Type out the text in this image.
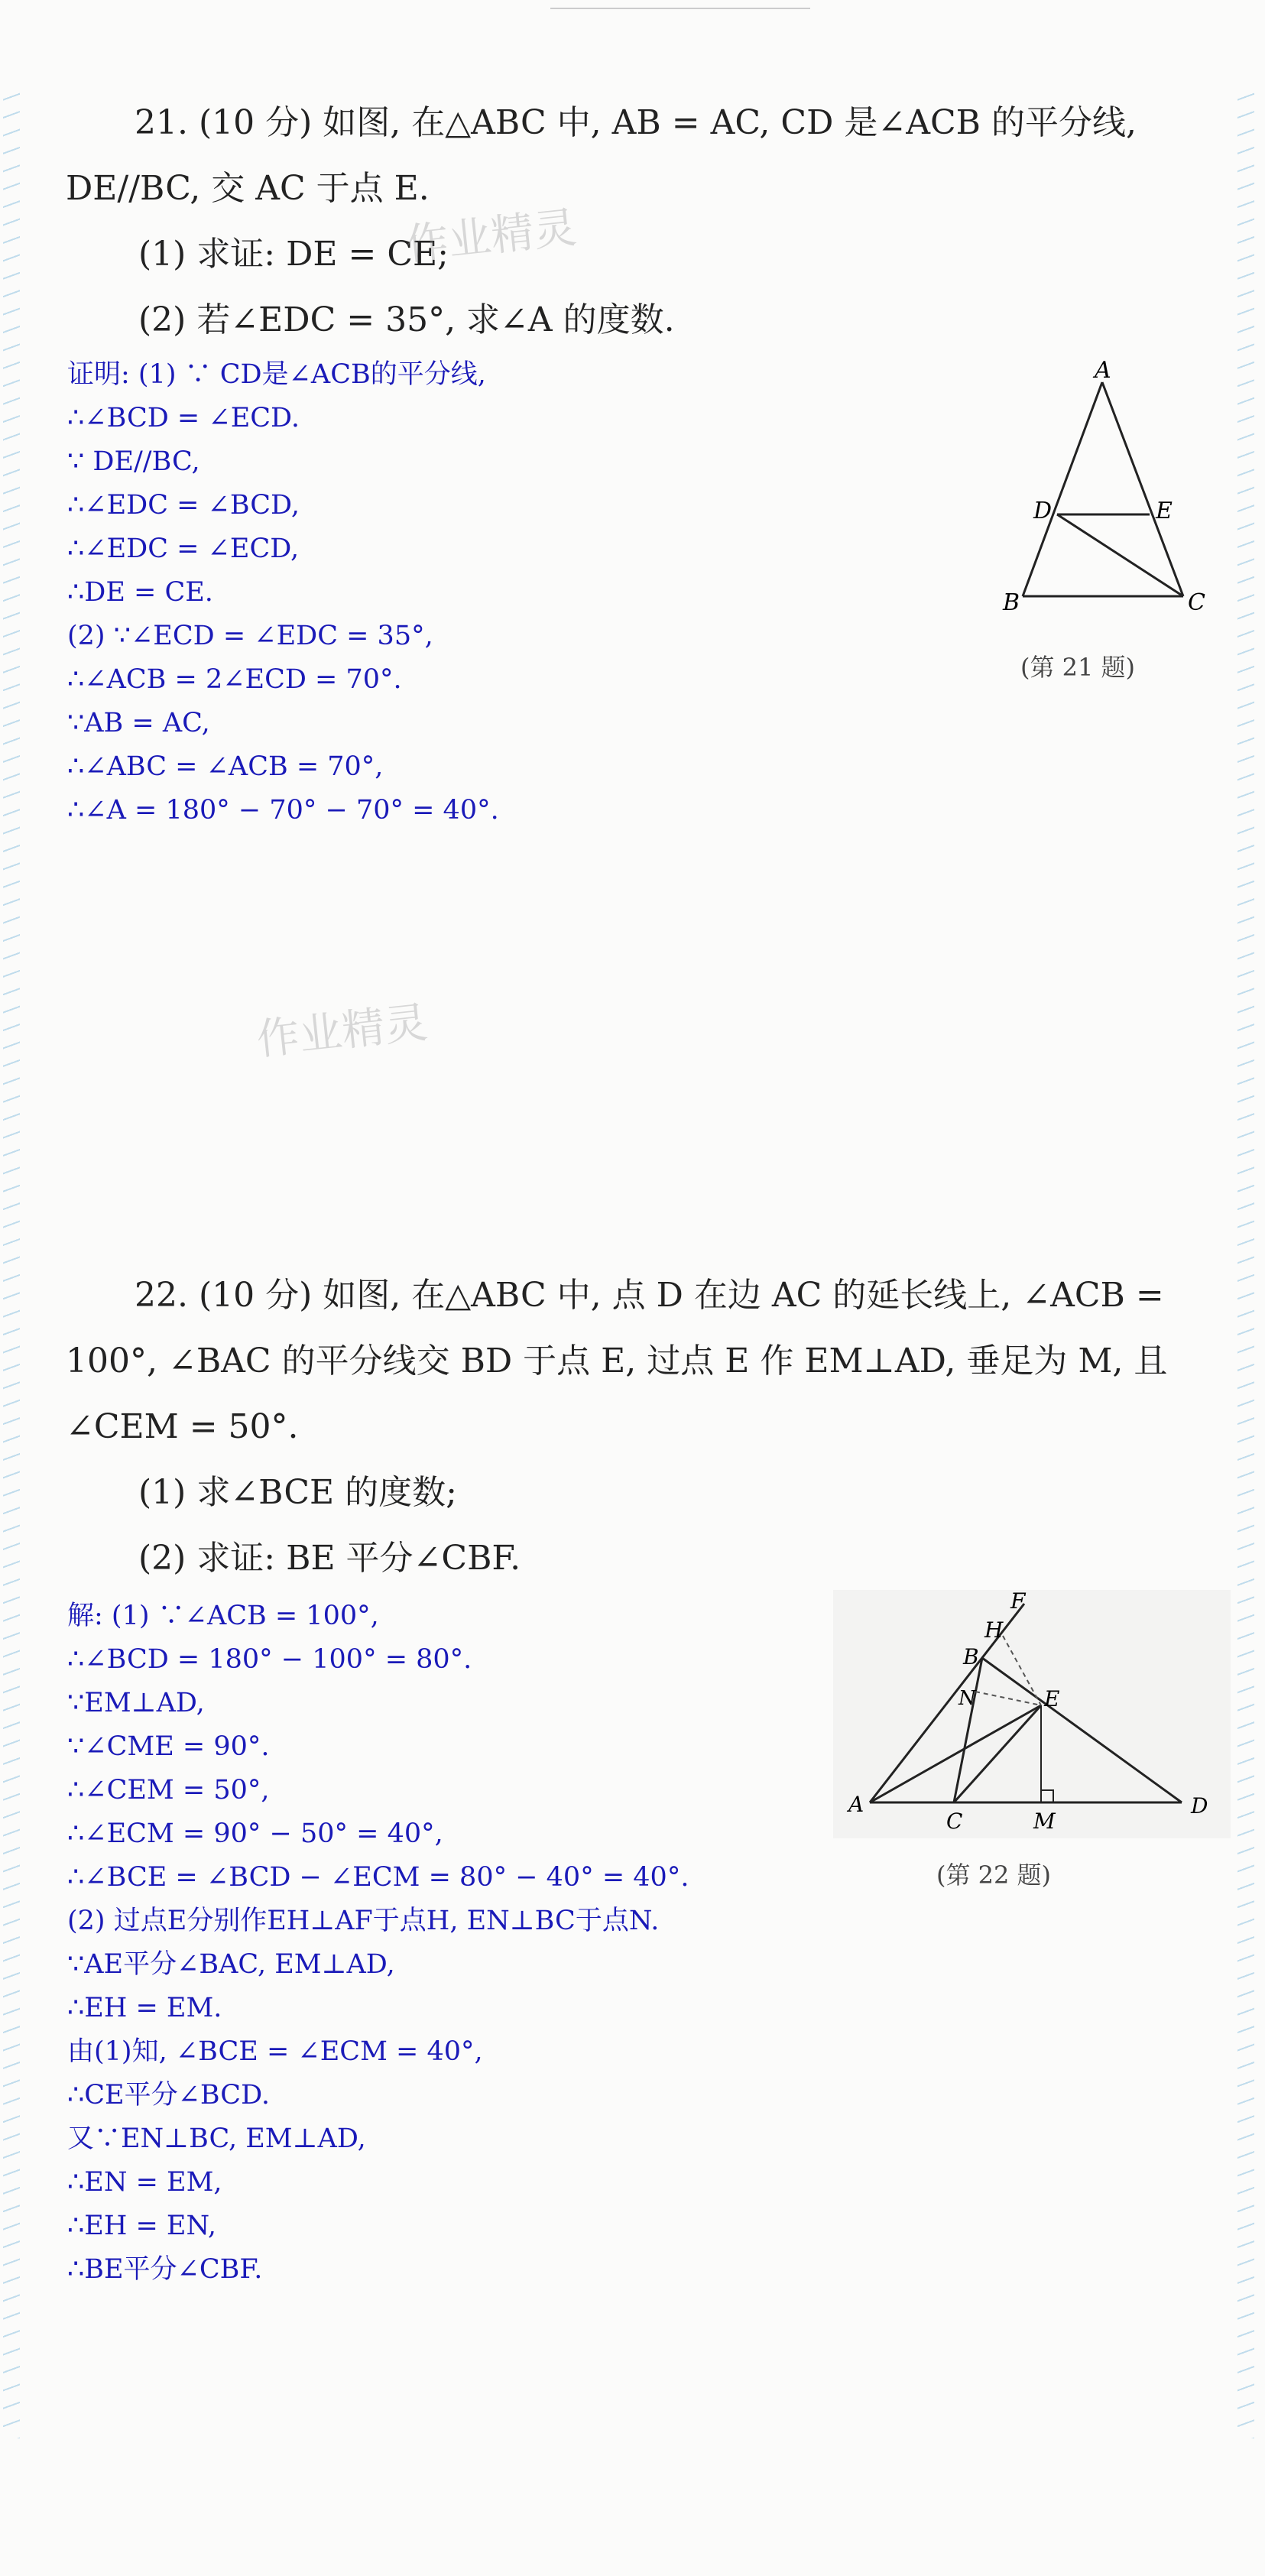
21. (10 分) 如图, 在△ABC 中, AB = AC, CD 是∠ACB 的平分线,

DE//BC, 交 AC 于点 E.

(1) 求证: DE = CE;

(2) 若∠EDC = 35°, 求∠A 的度数.

作业精灵

证明: (1) ∵ CD是∠ACB的平分线,

∴∠BCD = ∠ECD.

∵ DE//BC,

∴∠EDC = ∠BCD,

∴∠EDC = ∠ECD,

∴DE = CE.

(2) ∵∠ECD = ∠EDC = 35°,

∴∠ACB = 2∠ECD = 70°.

∵AB = AC,

∴∠ABC = ∠ACB = 70°,

∴∠A = 180° − 70° − 70° = 40°.

A
B	C
D	E
(第 21 题)
作业精灵

22. (10 分) 如图, 在△ABC 中, 点 D 在边 AC 的延长线上, ∠ACB =

100°, ∠BAC 的平分线交 BD 于点 E, 过点 E 作 EM⊥AD, 垂足为 M, 且

∠CEM = 50°.

(1) 求∠BCE 的度数;

(2) 求证: BE 平分∠CBF.

解: (1) ∵∠ACB = 100°,

∴∠BCD = 180° − 100° = 80°.

∵EM⊥AD,

∵∠CME = 90°.

∴∠CEM = 50°,

∴∠ECM = 90° − 50° = 40°,

∴∠BCE = ∠BCD − ∠ECM = 80° − 40° = 40°.

(2) 过点E分别作EH⊥AF于点H, EN⊥BC于点N.

∵AE平分∠BAC, EM⊥AD,

∴EH = EM.

由(1)知, ∠BCE = ∠ECM = 40°,

∴CE平分∠BCD.

又∵EN⊥BC, EM⊥AD,

∴EN = EM,

∴EH = EN,

∴BE平分∠CBF.

F
H
B
N	E
A
C	M
D
(第 22 题)
